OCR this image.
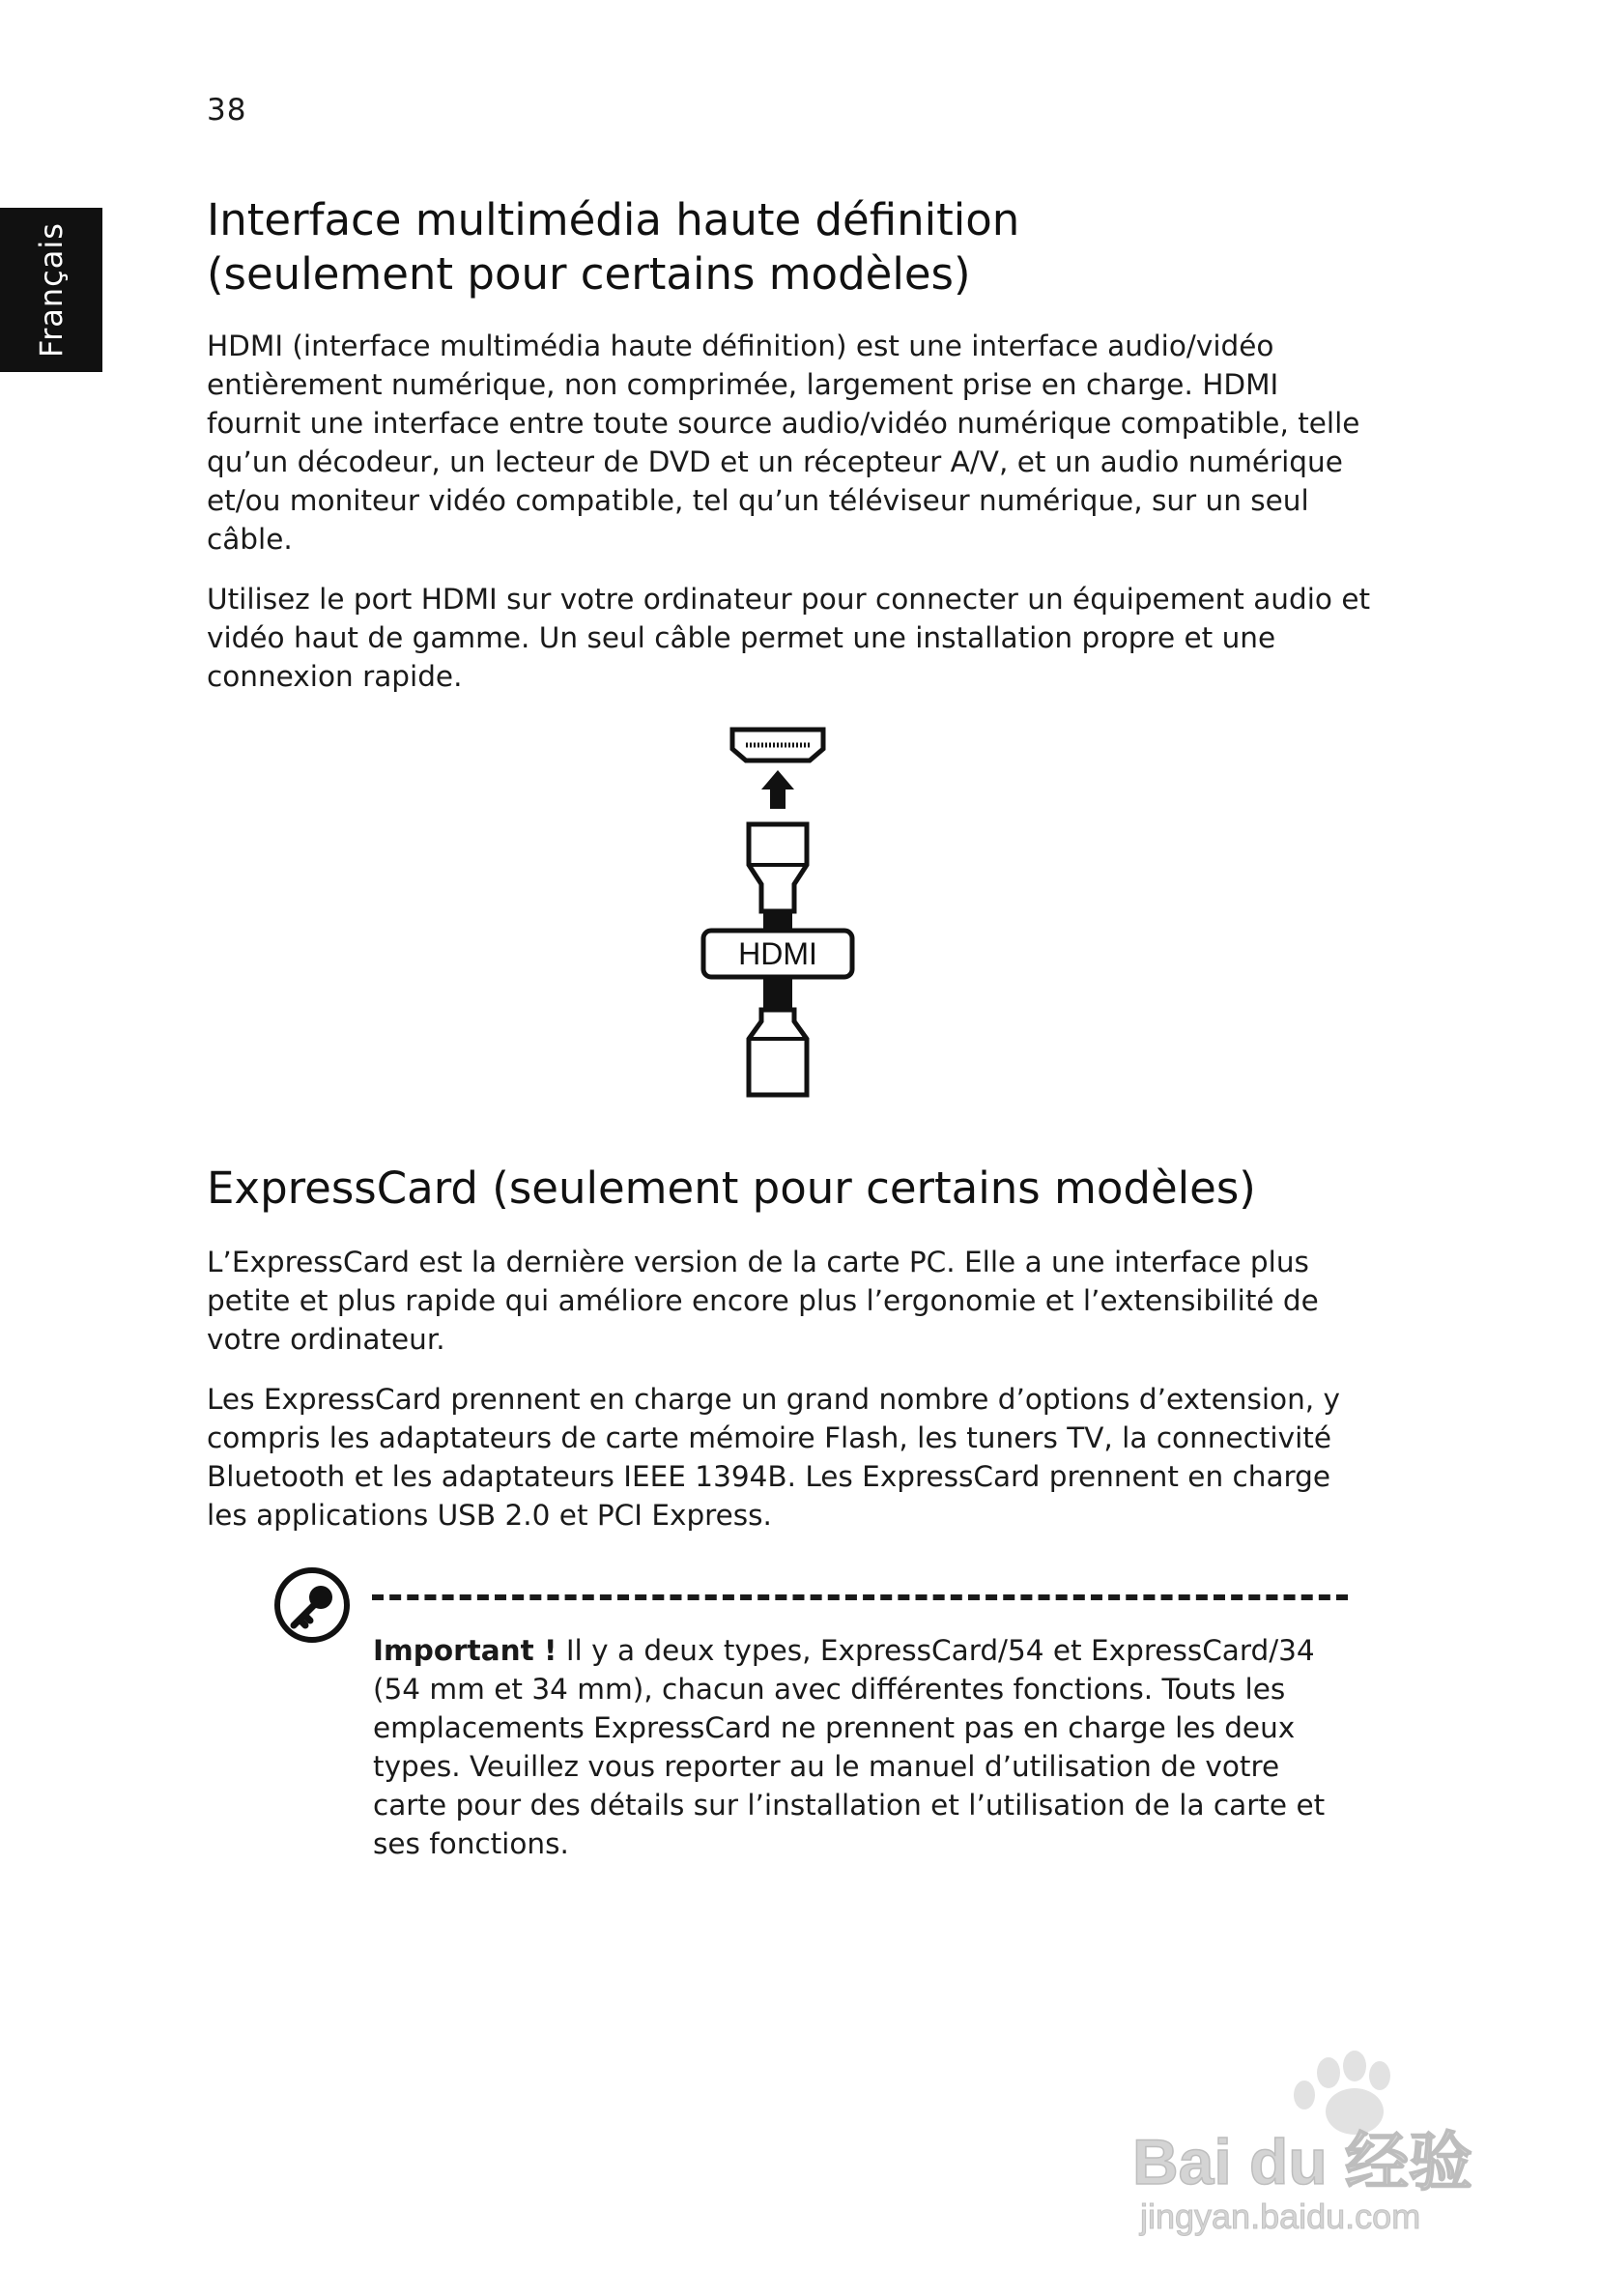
38
Français
Interface multimédia haute définition
(seulement pour certains modèles)

HDMI (interface multimédia haute définition) est une interface audio/vidéo entièrement numérique, non comprimée, largement prise en charge. HDMI fournit une interface entre toute source audio/vidéo numérique compatible, telle qu’un décodeur, un lecteur de DVD et un récepteur A/V, et un audio numérique et/ou moniteur vidéo compatible, tel qu’un téléviseur numérique, sur un seul câble.

Utilisez le port HDMI sur votre ordinateur pour connecter un équipement audio et vidéo haut de gamme. Un seul câble permet une installation propre et une connexion rapide.

HDMI
ExpressCard (seulement pour certains modèles)

L’ExpressCard est la dernière version de la carte PC. Elle a une interface plus petite et plus rapide qui améliore encore plus l’ergonomie et l’extensibilité de votre ordinateur.

Les ExpressCard prennent en charge un grand nombre d’options d’extension, y compris les adaptateurs de carte mémoire Flash, les tuners TV, la connectivité Bluetooth et les adaptateurs IEEE 1394B. Les ExpressCard prennent en charge les applications USB 2.0 et PCI Express.

Important ! Il y a deux types, ExpressCard/54 et ExpressCard/34 (54 mm et 34 mm), chacun avec différentes fonctions. Touts les emplacements ExpressCard ne prennent pas en charge les deux types. Veuillez vous reporter au le manuel d’utilisation de votre carte pour des détails sur l’installation et l’utilisation de la carte et ses fonctions.

Bai du 经验
jingyan.baidu.com
